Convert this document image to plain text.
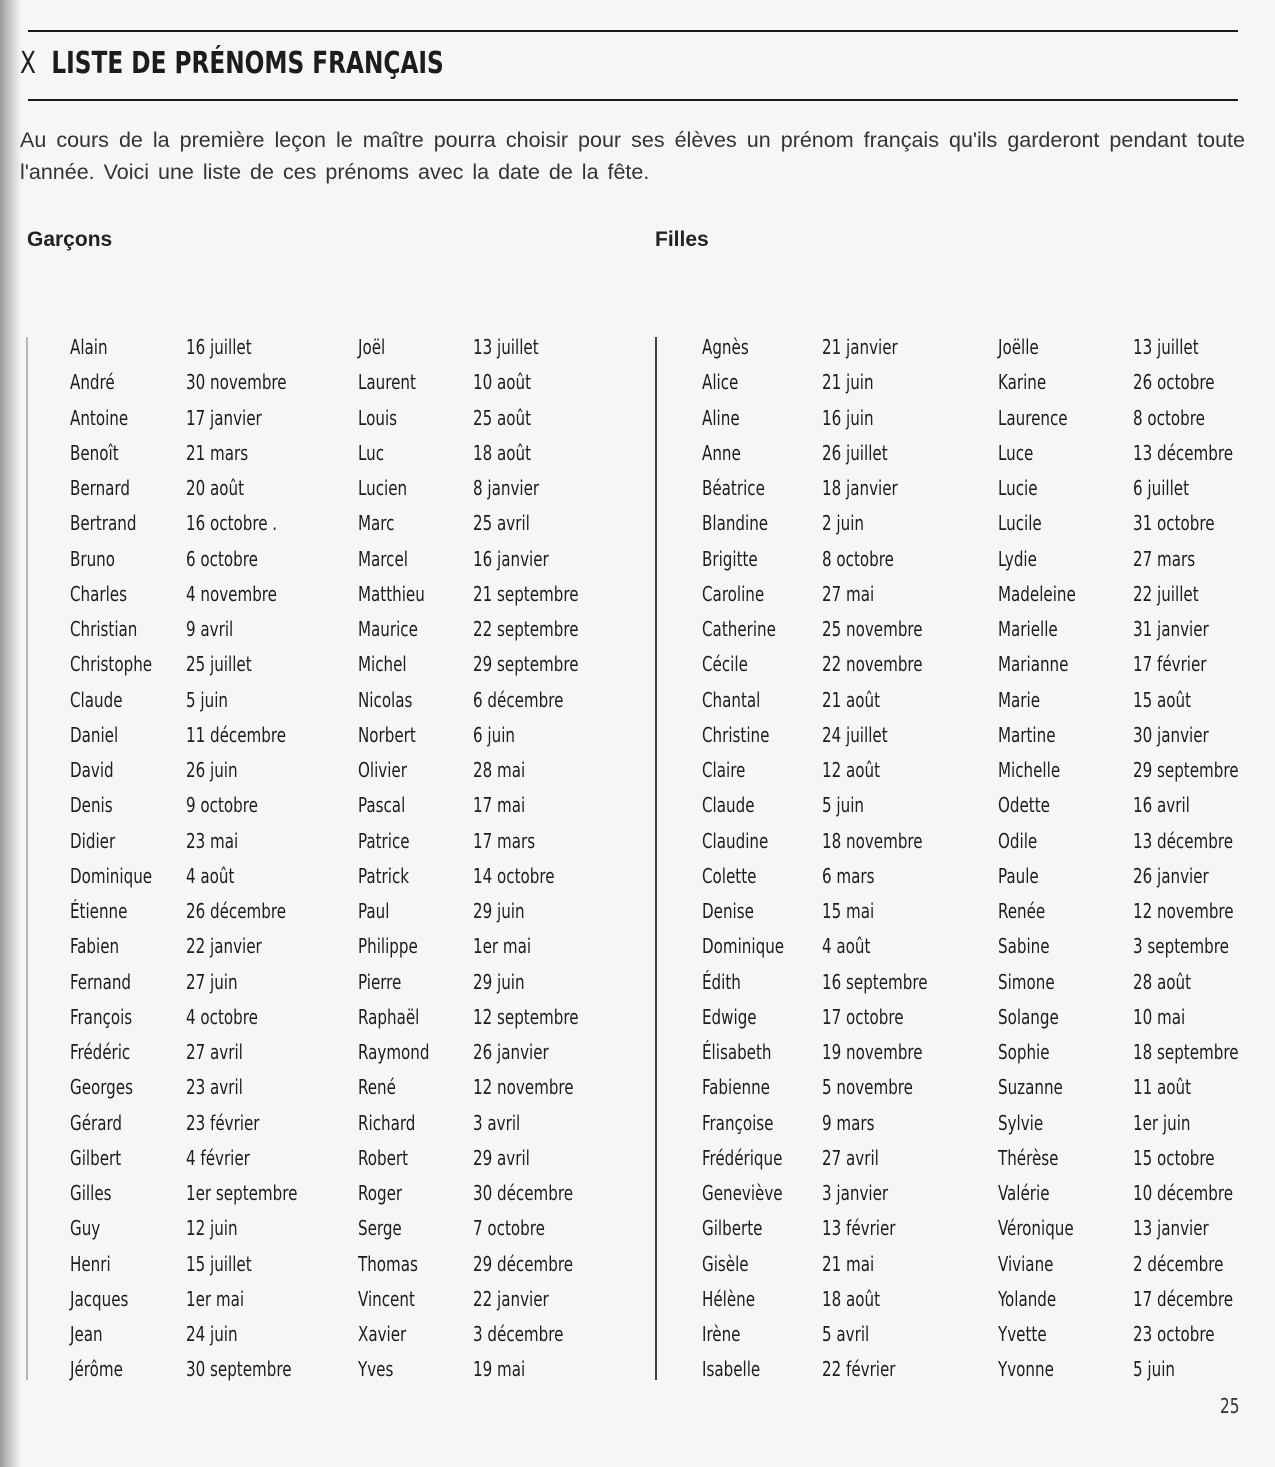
X LISTE DE PRÉNOMS FRANÇAIS

Au cours de la première leçon le maître pourra choisir pour ses élèves un prénom français qu'ils garderont pendant toute l'année. Voici une liste de ces prénoms avec la date de la fête.

Garçons	Filles
Alain
André
Antoine
Benoît
Bernard
Bertrand
Bruno
Charles
Christian
Christophe
Claude
Daniel
David
Denis
Didier
Dominique
Étienne
Fabien
Fernand
François
Frédéric
Georges
Gérard
Gilbert
Gilles
Guy
Henri
Jacques
Jean
Jérôme
16 juillet
30 novembre
17 janvier
21 mars
20 août
16 octobre .
6 octobre
4 novembre
9 avril
25 juillet
5 juin
11 décembre
26 juin
9 octobre
23 mai
4 août
26 décembre
22 janvier
27 juin
4 octobre
27 avril
23 avril
23 février
4 février
1er septembre
12 juin
15 juillet
1er mai
24 juin
30 septembre
Joël
Laurent
Louis
Luc
Lucien
Marc
Marcel
Matthieu
Maurice
Michel
Nicolas
Norbert
Olivier
Pascal
Patrice
Patrick
Paul
Philippe
Pierre
Raphaël
Raymond
René
Richard
Robert
Roger
Serge
Thomas
Vincent
Xavier
Yves
13 juillet
10 août
25 août
18 août
8 janvier
25 avril
16 janvier
21 septembre
22 septembre
29 septembre
6 décembre
6 juin
28 mai
17 mai
17 mars
14 octobre
29 juin
1er mai
29 juin
12 septembre
26 janvier
12 novembre
3 avril
29 avril
30 décembre
7 octobre
29 décembre
22 janvier
3 décembre
19 mai
Agnès
Alice
Aline
Anne
Béatrice
Blandine
Brigitte
Caroline
Catherine
Cécile
Chantal
Christine
Claire
Claude
Claudine
Colette
Denise
Dominique
Édith
Edwige
Élisabeth
Fabienne
Françoise
Frédérique
Geneviève
Gilberte
Gisèle
Hélène
Irène
Isabelle
21 janvier
21 juin
16 juin
26 juillet
18 janvier
2 juin
8 octobre
27 mai
25 novembre
22 novembre
21 août
24 juillet
12 août
5 juin
18 novembre
6 mars
15 mai
4 août
16 septembre
17 octobre
19 novembre
5 novembre
9 mars
27 avril
3 janvier
13 février
21 mai
18 août
5 avril
22 février
Joëlle
Karine
Laurence
Luce
Lucie
Lucile
Lydie
Madeleine
Marielle
Marianne
Marie
Martine
Michelle
Odette
Odile
Paule
Renée
Sabine
Simone
Solange
Sophie
Suzanne
Sylvie
Thérèse
Valérie
Véronique
Viviane
Yolande
Yvette
Yvonne
13 juillet
26 octobre
8 octobre
13 décembre
6 juillet
31 octobre
27 mars
22 juillet
31 janvier
17 février
15 août
30 janvier
29 septembre
16 avril
13 décembre
26 janvier
12 novembre
3 septembre
28 août
10 mai
18 septembre
11 août
1er juin
15 octobre
10 décembre
13 janvier
2 décembre
17 décembre
23 octobre
5 juin
25
